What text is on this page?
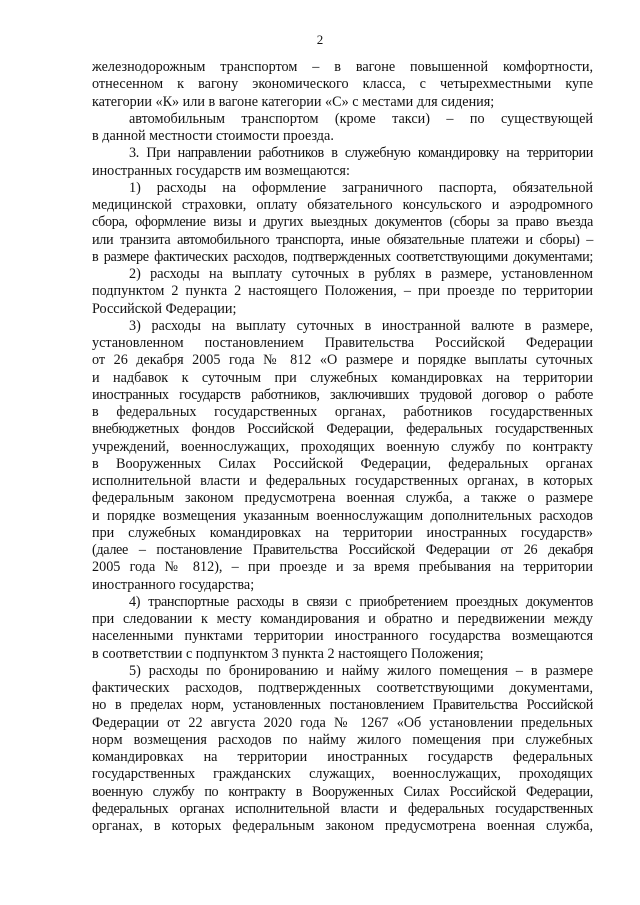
2
железнодорожным транспортом – в вагоне повышенной комфортности,
отнесенном к вагону экономического класса, с четырехместными купе
категории «К» или в вагоне категории «С» с местами для сидения;
автомобильным транспортом (кроме такси) – по существующей
в данной местности стоимости проезда.
3. При направлении работников в служебную командировку на территории
иностранных государств им возмещаются:
1) расходы на оформление заграничного паспорта, обязательной
медицинской страховки, оплату обязательного консульского и аэродромного
сбора, оформление визы и других выездных документов (сборы за право въезда
или транзита автомобильного транспорта, иные обязательные платежи и сборы) –
в размере фактических расходов, подтвержденных соответствующими документами;
2) расходы на выплату суточных в рублях в размере, установленном
подпунктом 2 пункта 2 настоящего Положения, – при проезде по территории
Российской Федерации;
3) расходы на выплату суточных в иностранной валюте в размере,
установленном постановлением Правительства Российской Федерации
от 26 декабря 2005 года № 812 «О размере и порядке выплаты суточных
и надбавок к суточным при служебных командировках на территории
иностранных государств работников, заключивших трудовой договор о работе
в федеральных государственных органах, работников государственных
внебюджетных фондов Российской Федерации, федеральных государственных
учреждений, военнослужащих, проходящих военную службу по контракту
в Вооруженных Силах Российской Федерации, федеральных органах
исполнительной власти и федеральных государственных органах, в которых
федеральным законом предусмотрена военная служба, а также о размере
и порядке возмещения указанным военнослужащим дополнительных расходов
при служебных командировках на территории иностранных государств»
(далее – постановление Правительства Российской Федерации от 26 декабря
2005 года № 812), – при проезде и за время пребывания на территории
иностранного государства;
4) транспортные расходы в связи с приобретением проездных документов
при следовании к месту командирования и обратно и передвижении между
населенными пунктами территории иностранного государства возмещаются
в соответствии с подпунктом 3 пункта 2 настоящего Положения;
5) расходы по бронированию и найму жилого помещения – в размере
фактических расходов, подтвержденных соответствующими документами,
но в пределах норм, установленных постановлением Правительства Российской
Федерации от 22 августа 2020 года № 1267 «Об установлении предельных
норм возмещения расходов по найму жилого помещения при служебных
командировках на территории иностранных государств федеральных
государственных гражданских служащих, военнослужащих, проходящих
военную службу по контракту в Вооруженных Силах Российской Федерации,
федеральных органах исполнительной власти и федеральных государственных
органах, в которых федеральным законом предусмотрена военная служба,
